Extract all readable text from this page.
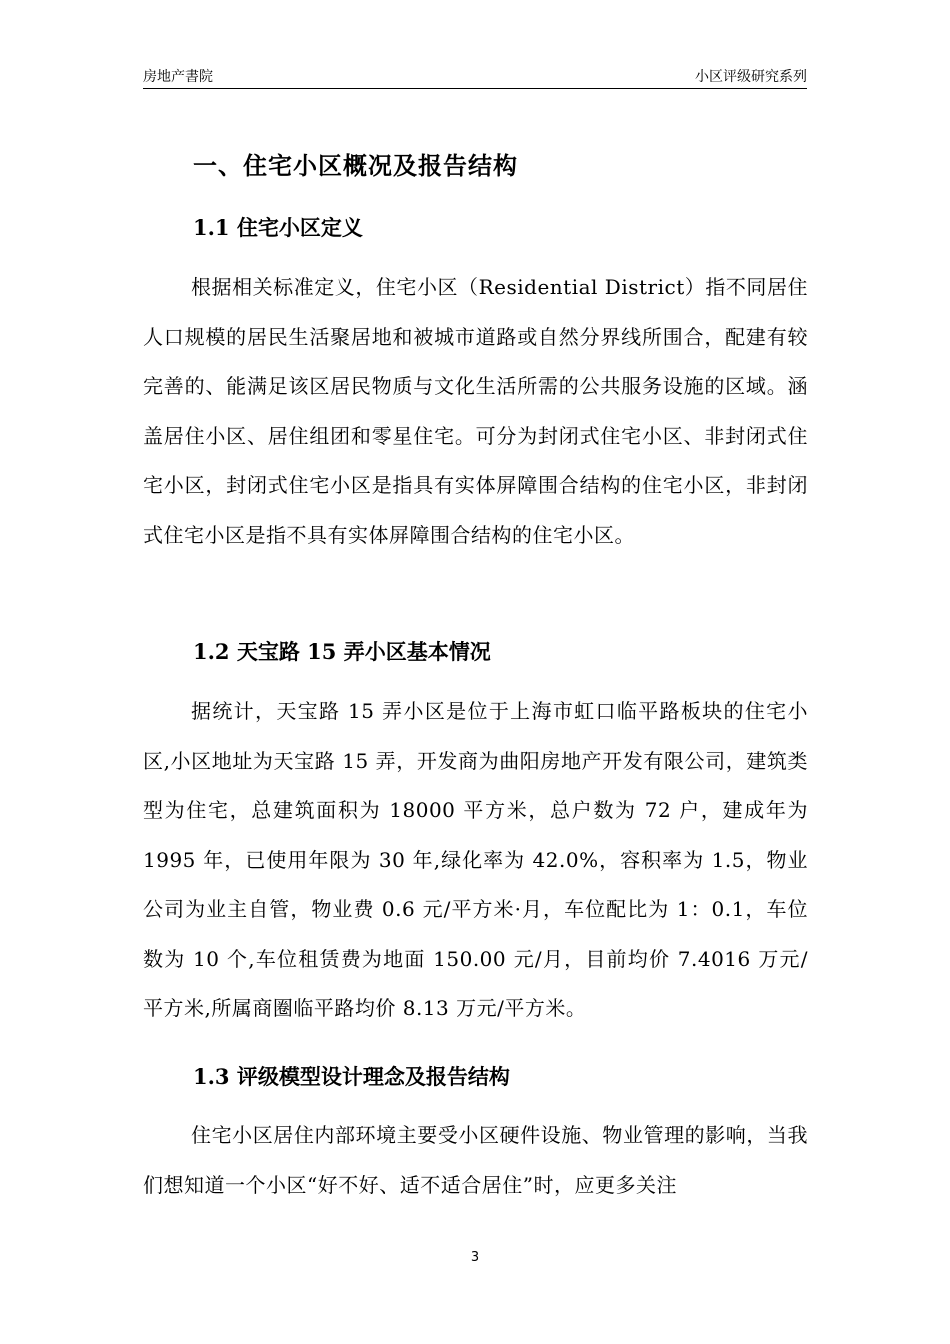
房地产書院	小区评级研究系列
一、住宅小区概况及报告结构
1.1 住宅小区定义

根据相关标准定义，住宅小区（Residential District）指不同居住人口规模的居民生活聚居地和被城市道路或自然分界线所围合，配建有较完善的、能满足该区居民物质与文化生活所需的公共服务设施的区域。涵盖居住小区、居住组团和零星住宅。可分为封闭式住宅小区、非封闭式住宅小区，封闭式住宅小区是指具有实体屏障围合结构的住宅小区，非封闭式住宅小区是指不具有实体屏障围合结构的住宅小区。

1.2 天宝路 15 弄小区基本情况

据统计，天宝路 15 弄小区是位于上海市虹口临平路板块的住宅小区,小区地址为天宝路 15 弄，开发商为曲阳房地产开发有限公司，建筑类型为住宅，总建筑面积为 18000 平方米，总户数为 72 户，建成年为 1995 年，已使用年限为 30 年,绿化率为 42.0%，容积率为 1.5，物业公司为业主自管，物业费 0.6 元/平方米·月，车位配比为 1：0.1，车位数为 10 个,车位租赁费为地面 150.00 元/月，目前均价 7.4016 万元/平方米,所属商圈临平路均价 8.13 万元/平方米。

1.3 评级模型设计理念及报告结构

住宅小区居住内部环境主要受小区硬件设施、物业管理的影响，当我们想知道一个小区“好不好、适不适合居住”时，应更多关注

3
